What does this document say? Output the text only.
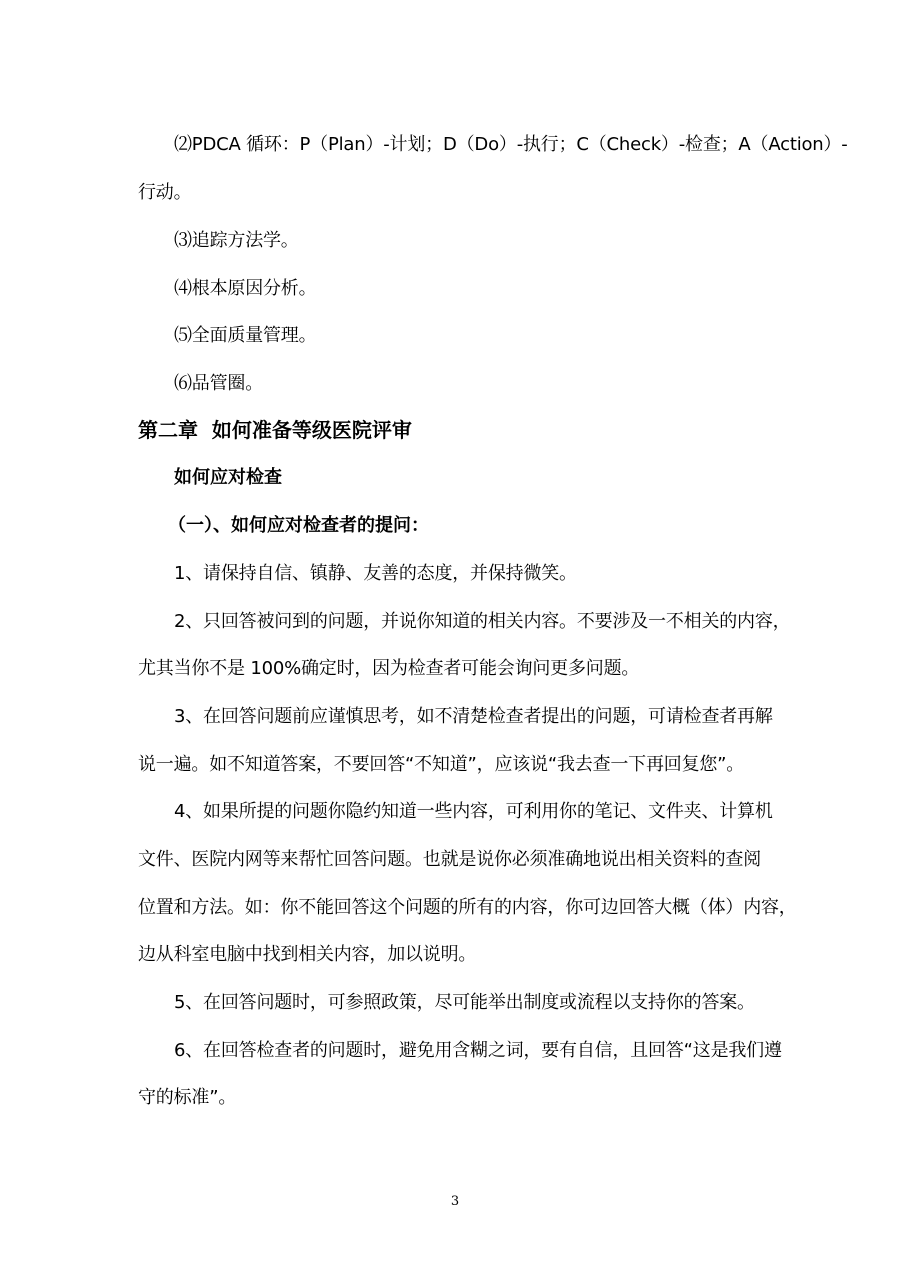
⑵PDCA 循环：P（Plan）-计划；D（Do）-执行；C（Check）-检查；A（Action）-
行动。
⑶追踪方法学。
⑷根本原因分析。
⑸全面质量管理。
⑹品管圈。
第二章  如何准备等级医院评审
如何应对检查
（一）、如何应对检查者的提问：
1、请保持自信、镇静、友善的态度，并保持微笑。
2、只回答被问到的问题，并说你知道的相关内容。不要涉及一不相关的内容，
尤其当你不是 100%确定时，因为检查者可能会询问更多问题。
3、在回答问题前应谨慎思考，如不清楚检查者提出的问题，可请检查者再解
说一遍。如不知道答案，不要回答“不知道”，应该说“我去查一下再回复您”。
4、如果所提的问题你隐约知道一些内容，可利用你的笔记、文件夹、计算机
文件、医院内网等来帮忙回答问题。也就是说你必须准确地说出相关资料的查阅
位置和方法。如：你不能回答这个问题的所有的内容，你可边回答大概（体）内容，
边从科室电脑中找到相关内容，加以说明。
5、在回答问题时，可参照政策，尽可能举出制度或流程以支持你的答案。
6、在回答检查者的问题时，避免用含糊之词，要有自信，且回答“这是我们遵
守的标准”。
3
